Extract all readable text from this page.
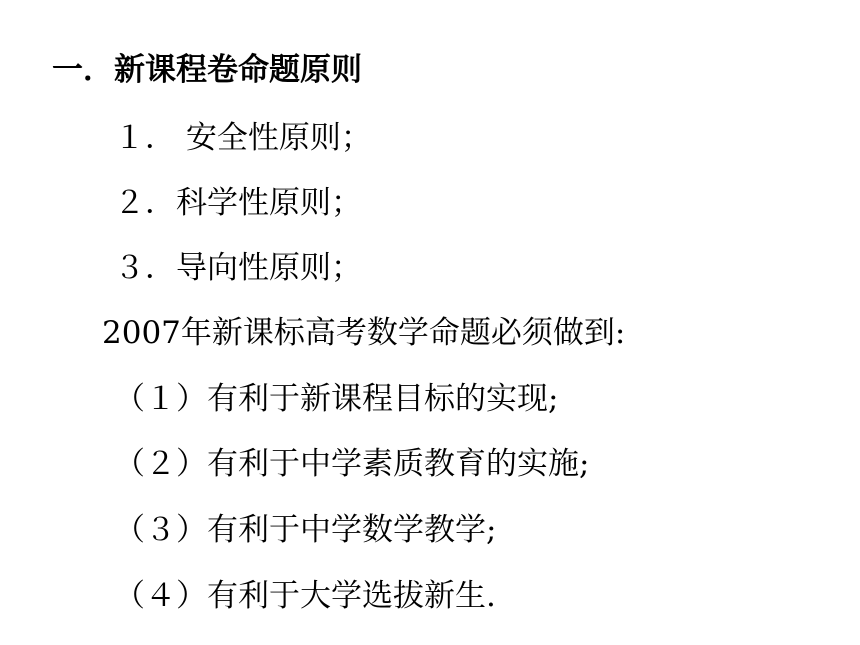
一．新课程卷命题原则
１． 安全性原则；
２．科学性原则；
３．导向性原则；
2007年新课标高考数学命题必须做到:
（１）有利于新课程目标的实现;
（２）有利于中学素质教育的实施;
（３）有利于中学数学教学;
（４）有利于大学选拔新生.
